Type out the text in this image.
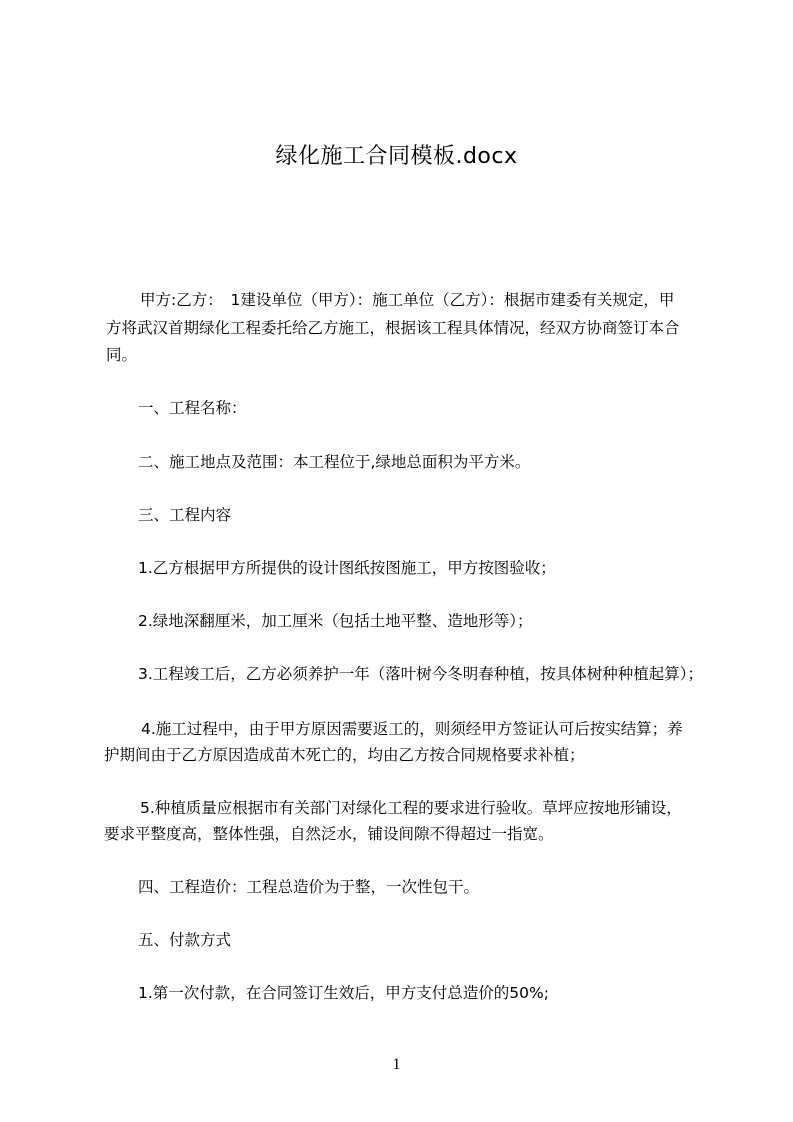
绿化施工合同模板.docx
甲方:乙方：　1建设单位（甲方）：施工单位（乙方）：根据市建委有关规定，甲
方将武汉首期绿化工程委托给乙方施工，根据该工程具体情况，经双方协商签订本合
同。
一、工程名称：
二、施工地点及范围：本工程位于,绿地总面积为平方米。
三、工程内容
1.乙方根据甲方所提供的设计图纸按图施工，甲方按图验收；
2.绿地深翻厘米，加工厘米（包括土地平整、造地形等）；
3.工程竣工后，乙方必须养护一年（落叶树今冬明春种植，按具体树种种植起算）；
4.施工过程中，由于甲方原因需要返工的，则须经甲方签证认可后按实结算；养
护期间由于乙方原因造成苗木死亡的，均由乙方按合同规格要求补植；
5.种植质量应根据市有关部门对绿化工程的要求进行验收。草坪应按地形铺设，
要求平整度高，整体性强，自然泛水，铺设间隙不得超过一指宽。
四、工程造价：工程总造价为于整，一次性包干。
五、付款方式
1.第一次付款，在合同签订生效后，甲方支付总造价的50%;
1
